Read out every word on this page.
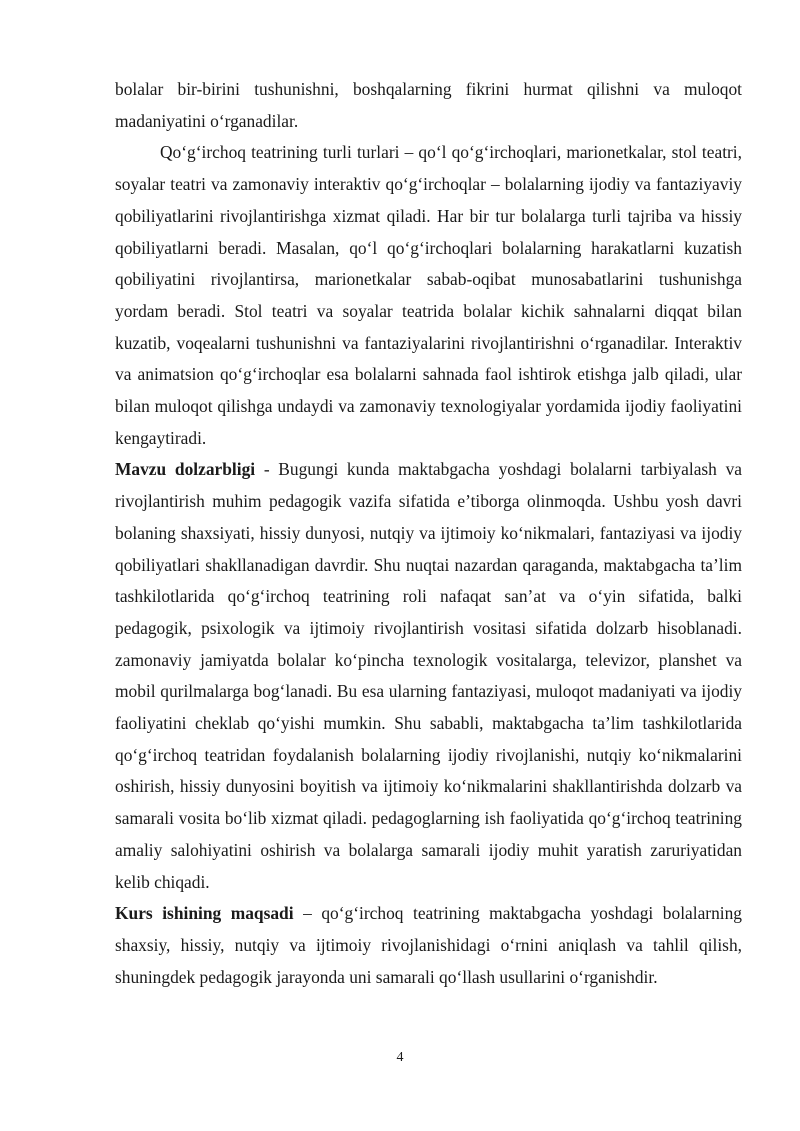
bolalar bir-birini tushunishni, boshqalarning fikrini hurmat qilishni va muloqot madaniyatini oʻrganadilar.

Qoʻgʻirchoq teatrining turli turlari – qoʻl qoʻgʻirchoqlari, marionetkalar, stol teatri, soyalar teatri va zamonaviy interaktiv qoʻgʻirchoqlar – bolalarning ijodiy va fantaziyaviy qobiliyatlarini rivojlantirishga xizmat qiladi. Har bir tur bolalarga turli tajriba va hissiy qobiliyatlarni beradi. Masalan, qoʻl qoʻgʻirchoqlari bolalarning harakatlarni kuzatish qobiliyatini rivojlantirsa, marionetkalar sabab-oqibat munosabatlarini tushunishga yordam beradi. Stol teatri va soyalar teatrida bolalar kichik sahnalarni diqqat bilan kuzatib, voqealarni tushunishni va fantaziyalarini rivojlantirishni oʻrganadilar. Interaktiv va animatsion qoʻgʻirchoqlar esa bolalarni sahnada faol ishtirok etishga jalb qiladi, ular bilan muloqot qilishga undaydi va zamonaviy texnologiyalar yordamida ijodiy faoliyatini kengaytiradi.

Mavzu dolzarbligi - Bugungi kunda maktabgacha yoshdagi bolalarni tarbiyalash va rivojlantirish muhim pedagogik vazifa sifatida e’tiborga olinmoqda. Ushbu yosh davri bolaning shaxsiyati, hissiy dunyosi, nutqiy va ijtimoiy koʻnikmalari, fantaziyasi va ijodiy qobiliyatlari shakllanadigan davrdir. Shu nuqtai nazardan qaraganda, maktabgacha ta’lim tashkilotlarida qoʻgʻirchoq teatrining roli nafaqat san’at va oʻyin sifatida, balki pedagogik, psixologik va ijtimoiy rivojlantirish vositasi sifatida dolzarb hisoblanadi. zamonaviy jamiyatda bolalar koʻpincha texnologik vositalarga, televizor, planshet va mobil qurilmalarga bogʻlanadi. Bu esa ularning fantaziyasi, muloqot madaniyati va ijodiy faoliyatini cheklab qoʻyishi mumkin. Shu sababli, maktabgacha ta’lim tashkilotlarida qoʻgʻirchoq teatridan foydalanish bolalarning ijodiy rivojlanishi, nutqiy koʻnikmalarini oshirish, hissiy dunyosini boyitish va ijtimoiy koʻnikmalarini shakllantirishda dolzarb va samarali vosita boʻlib xizmat qiladi. pedagoglarning ish faoliyatida qoʻgʻirchoq teatrining amaliy salohiyatini oshirish va bolalarga samarali ijodiy muhit yaratish zaruriyatidan kelib chiqadi.

Kurs ishining maqsadi – qoʻgʻirchoq teatrining maktabgacha yoshdagi bolalarning shaxsiy, hissiy, nutqiy va ijtimoiy rivojlanishidagi oʻrnini aniqlash va tahlil qilish, shuningdek pedagogik jarayonda uni samarali qoʻllash usullarini oʻrganishdir.

4
